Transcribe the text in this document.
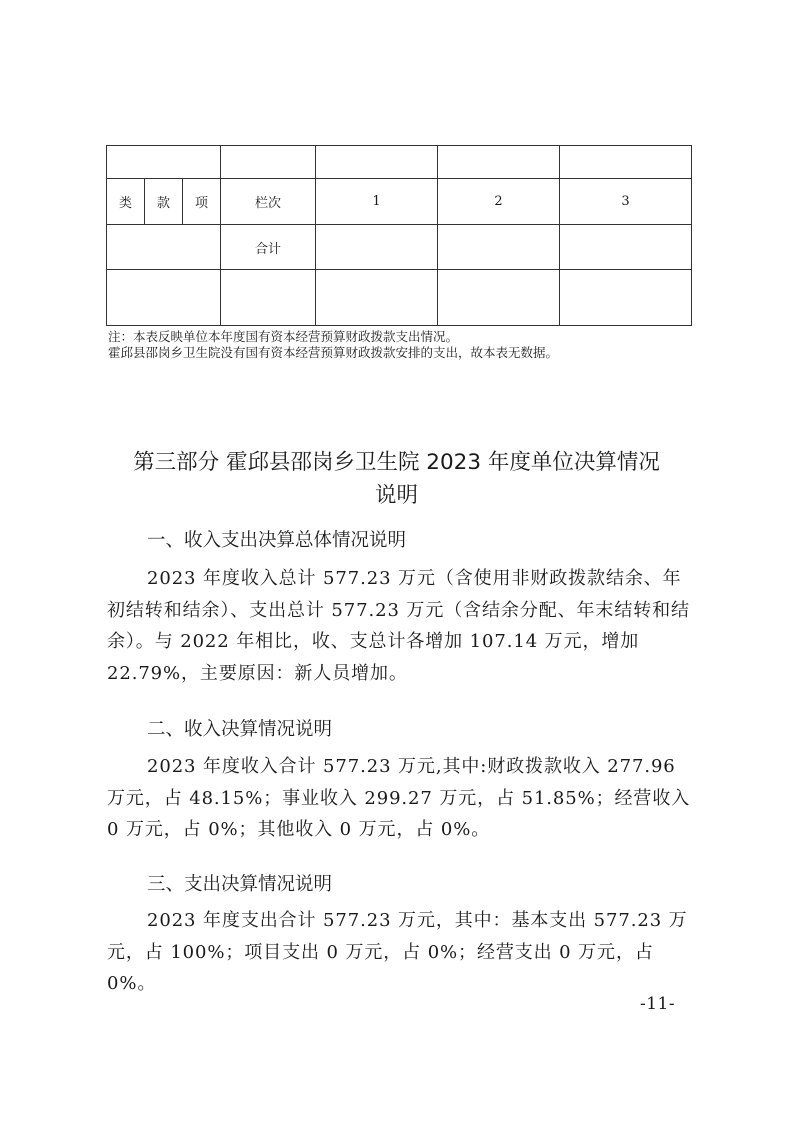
类	款	项	栏次	1	2	3
			合计			

注：本表反映单位本年度国有资本经营预算财政拨款支出情况。
霍邱县邵岗乡卫生院没有国有资本经营预算财政拨款安排的支出，故本表无数据。
第三部分 霍邱县邵岗乡卫生院 2023 年度单位决算情况
说明
一、收入支出决算总体情况说明
2023 年度收入总计 577.23 万元（含使用非财政拨款结余、年初结转和结余）、支出总计 577.23 万元（含结余分配、年末结转和结余）。与 2022 年相比，收、支总计各增加 107.14 万元，增加 22.79%，主要原因：新人员增加。
二、收入决算情况说明
2023 年度收入合计 577.23 万元,其中:财政拨款收入 277.96 万元，占 48.15%；事业收入 299.27 万元，占 51.85%；经营收入 0 万元，占 0%；其他收入 0 万元，占 0%。
三、支出决算情况说明
2023 年度支出合计 577.23 万元，其中：基本支出 577.23 万元，占 100%；项目支出 0 万元，占 0%；经营支出 0 万元，占 0%。
-11-
